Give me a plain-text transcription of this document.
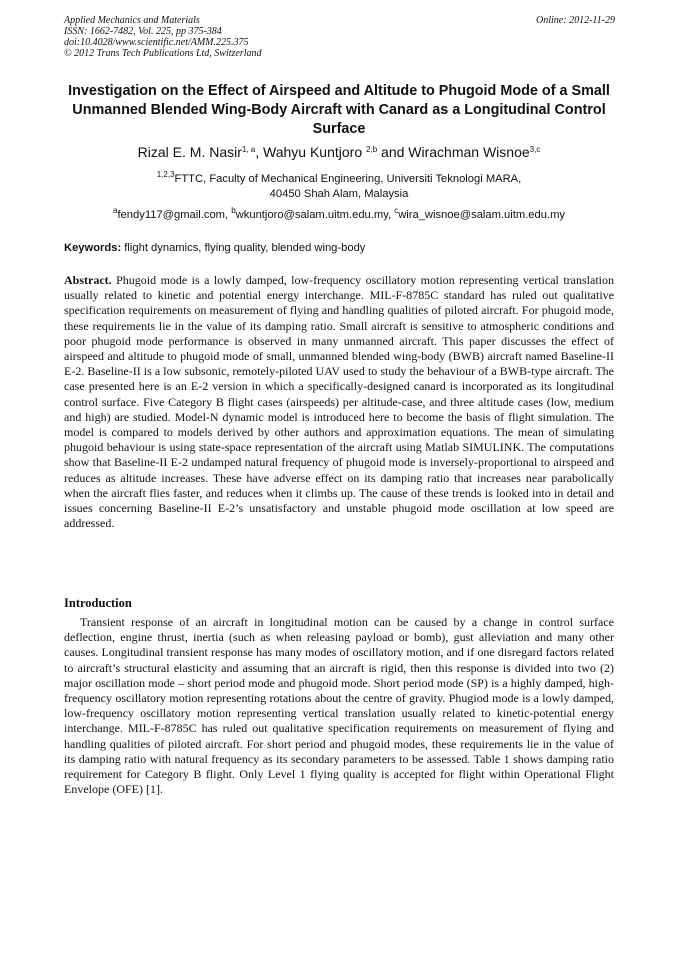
Applied Mechanics and Materials
ISSN: 1662-7482, Vol. 225, pp 375-384
doi:10.4028/www.scientific.net/AMM.225.375
© 2012 Trans Tech Publications Ltd, Switzerland
Online: 2012-11-29
Investigation on the Effect of Airspeed and Altitude to Phugoid Mode of a Small Unmanned Blended Wing-Body Aircraft with Canard as a Longitudinal Control Surface
Rizal E. M. Nasir$^{1, a}$, Wahyu Kuntjoro $^{2,b}$ and Wirachman Wisnoe$^{3,c}$
$^{1,2,3}$FTTC, Faculty of Mechanical Engineering, Universiti Teknologi MARA,
40450 Shah Alam, Malaysia
$^a$fendy117@gmail.com, $^b$wkuntjoro@salam.uitm.edu.my, $^c$wira_wisnoe@salam.uitm.edu.my
Keywords: flight dynamics, flying quality, blended wing-body

Abstract. Phugoid mode is a lowly damped, low-frequency oscillatory motion representing vertical translation usually related to kinetic and potential energy interchange. MIL-F-8785C standard has ruled out qualitative specification requirements on measurement of flying and handling qualities of piloted aircraft. For phugoid mode, these requirements lie in the value of its damping ratio. Small aircraft is sensitive to atmospheric conditions and poor phugoid mode performance is observed in many unmanned aircraft. This paper discusses the effect of airspeed and altitude to phugoid mode of small, unmanned blended wing-body (BWB) aircraft named Baseline-II E-2. Baseline-II is a low subsonic, remotely-piloted UAV used to study the behaviour of a BWB-type aircraft. The case presented here is an E-2 version in which a specifically-designed canard is incorporated as its longitudinal control surface. Five Category B flight cases (airspeeds) per altitude-case, and three altitude cases (low, medium and high) are studied. Model-N dynamic model is introduced here to become the basis of flight simulation. The model is compared to models derived by other authors and approximation equations. The mean of simulating phugoid behaviour is using state-space representation of the aircraft using Matlab SIMULINK. The computations show that Baseline-II E-2 undamped natural frequency of phugoid mode is inversely-proportional to airspeed and reduces as altitude increases. These have adverse effect on its damping ratio that increases near parabolically when the aircraft flies faster, and reduces when it climbs up. The cause of these trends is looked into in detail and issues concerning Baseline-II E-2’s unsatisfactory and unstable phugoid mode oscillation at low speed are addressed.

Introduction

Transient response of an aircraft in longitudinal motion can be caused by a change in control surface deflection, engine thrust, inertia (such as when releasing payload or bomb), gust alleviation and many other causes. Longitudinal transient response has many modes of oscillatory motion, and if one disregard factors related to aircraft’s structural elasticity and assuming that an aircraft is rigid, then this response is divided into two (2) major oscillation mode – short period mode and phugoid mode. Short period mode (SP) is a highly damped, high-frequency oscillatory motion representing rotations about the centre of gravity. Phugiod mode is a lowly damped, low-frequency oscillatory motion representing vertical translation usually related to kinetic-potential energy interchange. MIL-F-8785C has ruled out qualitative specification requirements on measurement of flying and handling qualities of piloted aircraft. For short period and phugoid modes, these requirements lie in the value of its damping ratio with natural frequency as its secondary parameters to be assessed. Table 1 shows damping ratio requirement for Category B flight. Only Level 1 flying quality is accepted for flight within Operational Flight Envelope (OFE) [1].
